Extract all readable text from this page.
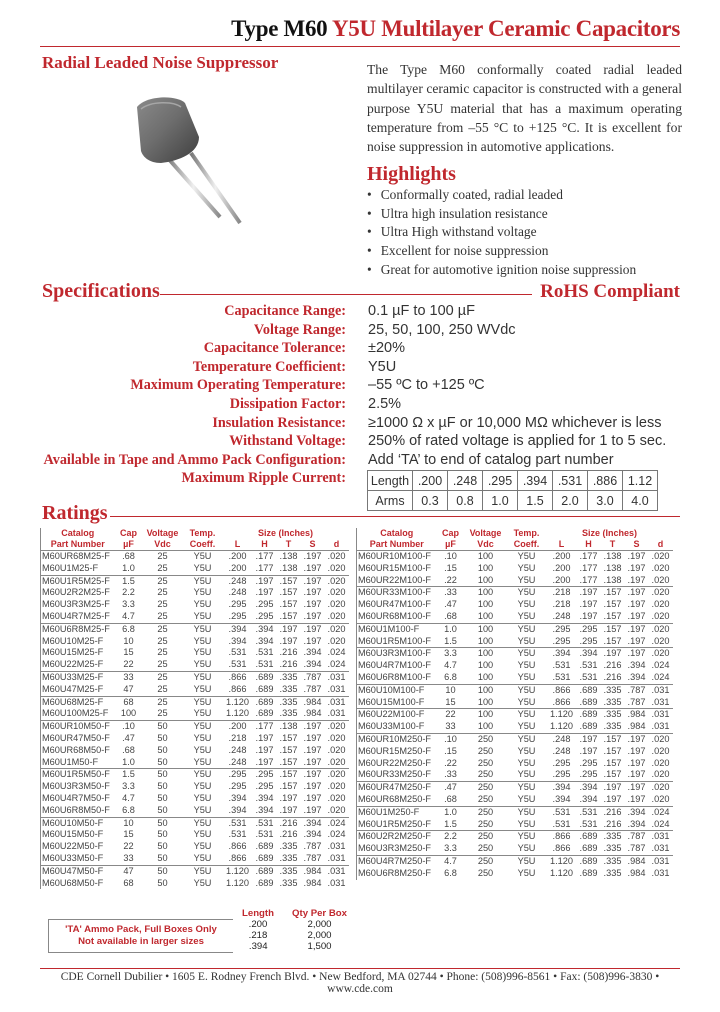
Type M60 Y5U Multilayer Ceramic Capacitors
Radial Leaded Noise Suppressor	The Type M60 conformally coated radial leaded multilayer ceramic capacitor is constructed with a general purpose Y5U material that has a maximum operating temperature from –55 °C to +125 °C. It is excellent for noise suppression in automotive applications.
Highlights
• Conformally coated, radial leaded
• Ultra high insulation resistance
• Ultra High withstand voltage
• Excellent for noise suppression
• Great for automotive ignition noise suppression
Specifications	RoHS Compliant
Capacitance Range: 0.1 µF to 100 µF
Voltage Range: 25, 50, 100, 250 WVdc
Capacitance Tolerance: ±20%
Temperature Coefficient: Y5U
Maximum Operating Temperature: –55 ºC to +125 ºC
Dissipation Factor: 2.5%
Insulation Resistance: ≥1000 Ω x µF or 10,000 MΩ whichever is less
Withstand Voltage: 250% of rated voltage is applied for 1 to 5 sec.
Available in Tape and Ammo Pack Configuration: Add ‘TA’ to end of catalog part number
Maximum Ripple Current: Length	.200	.248	.295	.394	.531	.886	1.12
Arms	0.3	0.8	1.0	1.5	2.0	3.0	4.0
Ratings
Catalog	Cap	Voltage	Temp.	Size (Inches)				
Part Number	µF	Vdc	Coeff.	L	H	T	S	d
M60UR68M25-F	.68	25	Y5U	.200	.177	.138	.197	.020
M60U1M25-F	1.0	25	Y5U	.200	.177	.138	.197	.020
M60U1R5M25-F	1.5	25	Y5U	.248	.197	.157	.197	.020
M60U2R2M25-F	2.2	25	Y5U	.248	.197	.157	.197	.020
M60U3R3M25-F	3.3	25	Y5U	.295	.295	.157	.197	.020
M60U4R7M25-F	4.7	25	Y5U	.295	.295	.157	.197	.020
M60U6R8M25-F	6.8	25	Y5U	.394	.394	.197	.197	.020
M60U10M25-F	10	25	Y5U	.394	.394	.197	.197	.020
M60U15M25-F	15	25	Y5U	.531	.531	.216	.394	.024
M60U22M25-F	22	25	Y5U	.531	.531	.216	.394	.024
M60U33M25-F	33	25	Y5U	.866	.689	.335	.787	.031
M60U47M25-F	47	25	Y5U	.866	.689	.335	.787	.031
M60U68M25-F	68	25	Y5U	1.120	.689	.335	.984	.031
M60U100M25-F	100	25	Y5U	1.120	.689	.335	.984	.031
M60UR10M50-F	.10	50	Y5U	.200	.177	.138	.197	.020
M60UR47M50-F	.47	50	Y5U	.218	.197	.157	.197	.020
M60UR68M50-F	.68	50	Y5U	.248	.197	.157	.197	.020
M60U1M50-F	1.0	50	Y5U	.248	.197	.157	.197	.020
M60U1R5M50-F	1.5	50	Y5U	.295	.295	.157	.197	.020
M60U3R3M50-F	3.3	50	Y5U	.295	.295	.157	.197	.020
M60U4R7M50-F	4.7	50	Y5U	.394	.394	.197	.197	.020
M60U6R8M50-F	6.8	50	Y5U	.394	.394	.197	.197	.020
M60U10M50-F	10	50	Y5U	.531	.531	.216	.394	.024
M60U15M50-F	15	50	Y5U	.531	.531	.216	.394	.024
M60U22M50-F	22	50	Y5U	.866	.689	.335	.787	.031
M60U33M50-F	33	50	Y5U	.866	.689	.335	.787	.031
M60U47M50-F	47	50	Y5U	1.120	.689	.335	.984	.031
M60U68M50-F	68	50	Y5U	1.120	.689	.335	.984	.031
Catalog	Cap	Voltage	Temp.	Size (Inches)				
Part Number	µF	Vdc	Coeff.	L	H	T	S	d
M60UR10M100-F	.10	100	Y5U	.200	.177	.138	.197	.020
M60UR15M100-F	.15	100	Y5U	.200	.177	.138	.197	.020
M60UR22M100-F	.22	100	Y5U	.200	.177	.138	.197	.020
M60UR33M100-F	.33	100	Y5U	.218	.197	.157	.197	.020
M60UR47M100-F	.47	100	Y5U	.218	.197	.157	.197	.020
M60UR68M100-F	.68	100	Y5U	.248	.197	.157	.197	.020
M60U1M100-F	1.0	100	Y5U	.295	.295	.157	.197	.020
M60U1R5M100-F	1.5	100	Y5U	.295	.295	.157	.197	.020
M60U3R3M100-F	3.3	100	Y5U	.394	.394	.197	.197	.020
M60U4R7M100-F	4.7	100	Y5U	.531	.531	.216	.394	.024
M60U6R8M100-F	6.8	100	Y5U	.531	.531	.216	.394	.024
M60U10M100-F	10	100	Y5U	.866	.689	.335	.787	.031
M60U15M100-F	15	100	Y5U	.866	.689	.335	.787	.031
M60U22M100-F	22	100	Y5U	1.120	.689	.335	.984	.031
M60U33M100-F	33	100	Y5U	1.120	.689	.335	.984	.031
M60UR10M250-F	.10	250	Y5U	.248	.197	.157	.197	.020
M60UR15M250-F	.15	250	Y5U	.248	.197	.157	.197	.020
M60UR22M250-F	.22	250	Y5U	.295	.295	.157	.197	.020
M60UR33M250-F	.33	250	Y5U	.295	.295	.157	.197	.020
M60UR47M250-F	.47	250	Y5U	.394	.394	.197	.197	.020
M60UR68M250-F	.68	250	Y5U	.394	.394	.197	.197	.020
M60U1M250-F	1.0	250	Y5U	.531	.531	.216	.394	.024
M60U1R5M250-F	1.5	250	Y5U	.531	.531	.216	.394	.024
M60U2R2M250-F	2.2	250	Y5U	.866	.689	.335	.787	.031
M60U3R3M250-F	3.3	250	Y5U	.866	.689	.335	.787	.031
M60U4R7M250-F	4.7	250	Y5U	1.120	.689	.335	.984	.031
M60U6R8M250-F	6.8	250	Y5U	1.120	.689	.335	.984	.031
	Length	Qty Per Box

'TA' Ammo Pack, Full Boxes Only
Not available in larger sizes	.200	2,000
	.218	2,000
	.394	1,500
CDE Cornell Dubilier • 1605 E. Rodney French Blvd. • New Bedford, MA 02744 • Phone: (508)996-8561 • Fax: (508)996-3830 • www.cde.com
